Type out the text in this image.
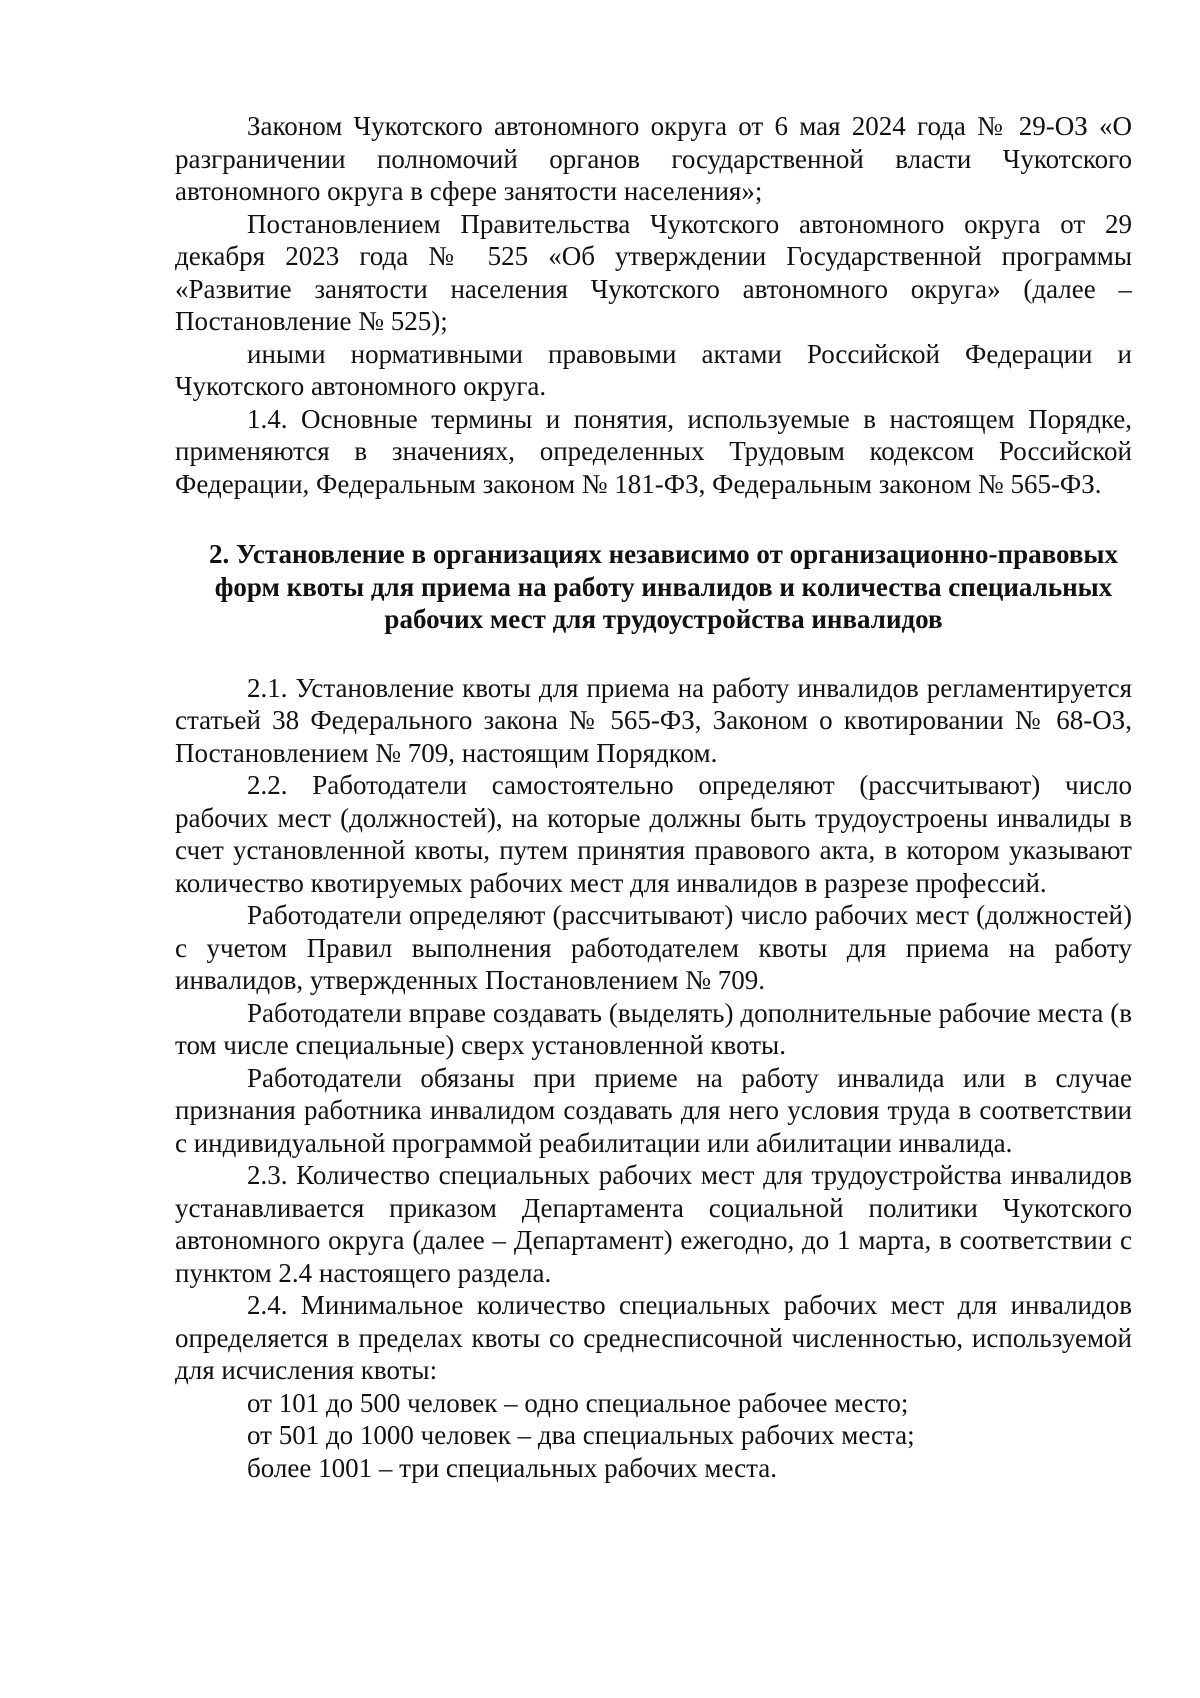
Законом Чукотского автономного округа от 6 мая 2024 года № 29-ОЗ «О разграничении полномочий органов государственной власти Чукотского автономного округа в сфере занятости населения»;

Постановлением Правительства Чукотского автономного округа от 29 декабря 2023 года № 525 «Об утверждении Государственной программы «Развитие занятости населения Чукотского автономного округа» (далее – Постановление № 525);

иными нормативными правовыми актами Российской Федерации и Чукотского автономного округа.

1.4. Основные термины и понятия, используемые в настоящем Порядке, применяются в значениях, определенных Трудовым кодексом Российской Федерации, Федеральным законом № 181-ФЗ, Федеральным законом № 565-ФЗ.

2. Установление в организациях независимо от организационно-правовых форм квоты для приема на работу инвалидов и количества специальных рабочих мест для трудоустройства инвалидов

2.1. Установление квоты для приема на работу инвалидов регламентируется статьей 38 Федерального закона № 565-ФЗ, Законом о квотировании № 68-ОЗ, Постановлением № 709, настоящим Порядком.

2.2. Работодатели самостоятельно определяют (рассчитывают) число рабочих мест (должностей), на которые должны быть трудоустроены инвалиды в счет установленной квоты, путем принятия правового акта, в котором указывают количество квотируемых рабочих мест для инвалидов в разрезе профессий.

Работодатели определяют (рассчитывают) число рабочих мест (должностей) с учетом Правил выполнения работодателем квоты для приема на работу инвалидов, утвержденных Постановлением № 709.

Работодатели вправе создавать (выделять) дополнительные рабочие места (в том числе специальные) сверх установленной квоты.

Работодатели обязаны при приеме на работу инвалида или в случае признания работника инвалидом создавать для него условия труда в соответствии с индивидуальной программой реабилитации или абилитации инвалида.

2.3. Количество специальных рабочих мест для трудоустройства инвалидов устанавливается приказом Департамента социальной политики Чукотского автономного округа (далее – Департамент) ежегодно, до 1 марта, в соответствии с пунктом 2.4 настоящего раздела.

2.4. Минимальное количество специальных рабочих мест для инвалидов определяется в пределах квоты со среднесписочной численностью, используемой для исчисления квоты:

от 101 до 500 человек – одно специальное рабочее место;

от 501 до 1000 человек – два специальных рабочих места;

более 1001 – три специальных рабочих места.
